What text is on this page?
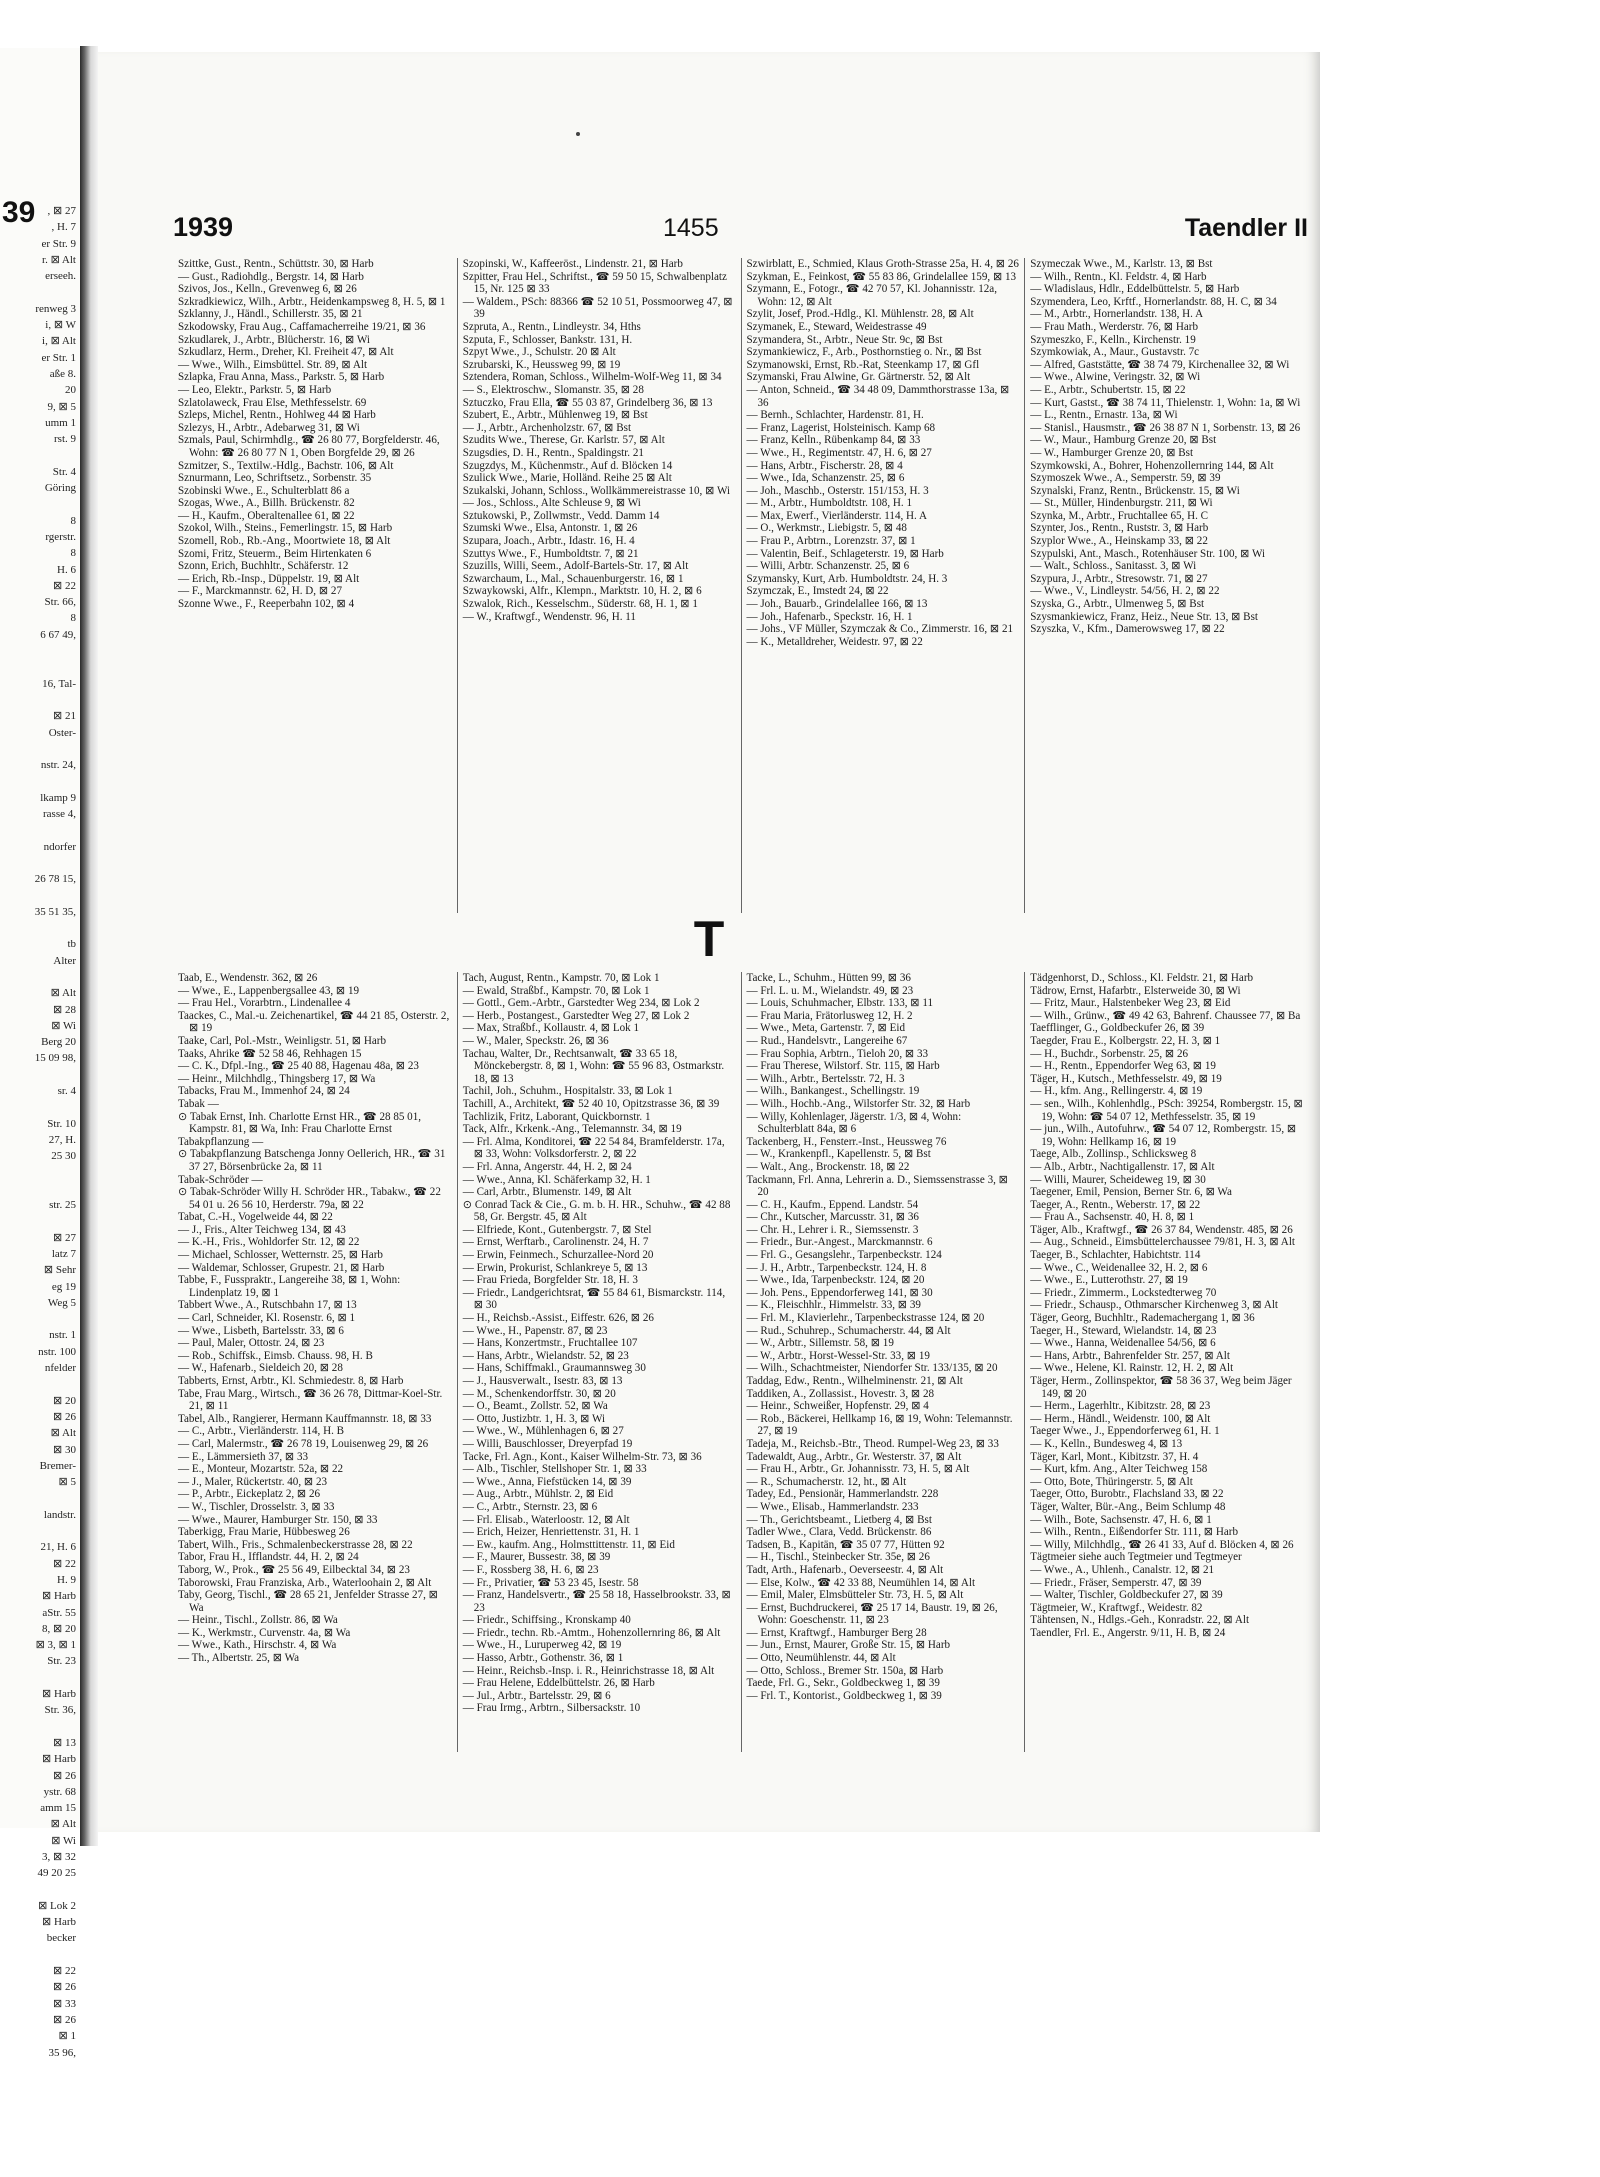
39	, ⊠ 27
, H. 7
er Str. 9
r. ⊠ Alt
erseeh.

renweg 3
i, ⊠ W
i, ⊠ Alt
er Str. 1
aße 8.
20
9, ⊠ 5
umm 1
rst. 9

Str. 4
Göring

8
rgerstr.
8
H. 6
⊠ 22
Str. 66,
8
6 67 49,

16, Tal-

⊠ 21
Oster-

nstr. 24,

lkamp 9
rasse 4,

ndorfer

26 78 15,

35 51 35,

tb
Alter

⊠ Alt
⊠ 28
⊠ Wi
Berg 20
15 09 98,

sr. 4

Str. 10
27, H.
25 30

str. 25

⊠ 27
latz 7
⊠ Sehr
eg 19
Weg 5

nstr. 1
nstr. 100
nfelder

⊠ 20
⊠ 26
⊠ Alt
⊠ 30
Bremer-
⊠ 5

landstr.

21, H. 6
⊠ 22
H. 9
⊠ Harb
aStr. 55
8, ⊠ 20
⊠ 3, ⊠ 1
Str. 23

⊠ Harb
Str. 36,

⊠ 13
⊠ Harb
⊠ 26
ystr. 68
amm 15
⊠ Alt
⊠ Wi
3, ⊠ 32
49 20 25

⊠ Lok 2
⊠ Harb
becker

⊠ 22
⊠ 26
⊠ 33
⊠ 26
⊠ 1
35 96,
1939	1455	Taendler II
Szittke, Gust., Rentn., Schüttstr. 30, ⊠ Harb
— Gust., Radiohdlg., Bergstr. 14, ⊠ Harb
Szivos, Jos., Kelln., Grevenweg 6, ⊠ 26
Szkradkiewicz, Wilh., Arbtr., Heidenkampsweg 8, H. 5, ⊠ 1
Szklanny, J., Händl., Schillerstr. 35, ⊠ 21
Szkodowsky, Frau Aug., Caffamacherreihe 19/21, ⊠ 36
Szkudlarek, J., Arbtr., Blücherstr. 16, ⊠ Wi
Szkudlarz, Herm., Dreher, Kl. Freiheit 47, ⊠ Alt
— Wwe., Wilh., Eimsbüttel. Str. 89, ⊠ Alt
Szlapka, Frau Anna, Mass., Parkstr. 5, ⊠ Harb
— Leo, Elektr., Parkstr. 5, ⊠ Harb
Szlatolaweck, Frau Else, Methfesselstr. 69
Szleps, Michel, Rentn., Hohlweg 44 ⊠ Harb
Szlezys, H., Arbtr., Adebarweg 31, ⊠ Wi
Szmals, Paul, Schirmhdlg., ☎ 26 80 77, Borgfelderstr. 46, Wohn: ☎ 26 80 77 N 1, Oben Borgfelde 29, ⊠ 26
Szmitzer, S., Textilw.-Hdlg., Bachstr. 106, ⊠ Alt
Sznurmann, Leo, Schriftsetz., Sorbenstr. 35
Szobinski Wwe., E., Schulterblatt 86 a
Szogas, Wwe., A., Billh. Brückenstr. 82
— H., Kaufm., Oberaltenallee 61, ⊠ 22
Szokol, Wilh., Steins., Femerlingstr. 15, ⊠ Harb
Szomell, Rob., Rb.-Ang., Moortwiete 18, ⊠ Alt
Szomi, Fritz, Steuerm., Beim Hirtenkaten 6
Szonn, Erich, Buchhltr., Schäferstr. 12
— Erich, Rb.-Insp., Düppelstr. 19, ⊠ Alt
— F., Marckmannstr. 62, H. D, ⊠ 27
Szonne Wwe., F., Reeperbahn 102, ⊠ 4
Szopinski, W., Kaffeeröst., Lindenstr. 21, ⊠ Harb
Szpitter, Frau Hel., Schriftst., ☎ 59 50 15, Schwalbenplatz 15, Nr. 125 ⊠ 33
— Waldem., PSch: 88366 ☎ 52 10 51, Possmoorweg 47, ⊠ 39
Szpruta, A., Rentn., Lindleystr. 34, Hths
Szputa, F., Schlosser, Bankstr. 131, H.
Szpyt Wwe., J., Schulstr. 20 ⊠ Alt
Szrubarski, K., Heussweg 99, ⊠ 19
Sztendera, Roman, Schloss., Wilhelm-Wolf-Weg 11, ⊠ 34
— S., Elektroschw., Slomanstr. 35, ⊠ 28
Sztuczko, Frau Ella, ☎ 55 03 87, Grindelberg 36, ⊠ 13
Szubert, E., Arbtr., Mühlenweg 19, ⊠ Bst
— J., Arbtr., Archenholzstr. 67, ⊠ Bst
Szudits Wwe., Therese, Gr. Karlstr. 57, ⊠ Alt
Szugsdies, D. H., Rentn., Spaldingstr. 21
Szugzdys, M., Küchenmstr., Auf d. Blöcken 14
Szulick Wwe., Marie, Holländ. Reihe 25 ⊠ Alt
Szukalski, Johann, Schloss., Wollkämmereistrasse 10, ⊠ Wi
— Jos., Schloss., Alte Schleuse 9, ⊠ Wi
Sztukowski, P., Zollwmstr., Vedd. Damm 14
Szumski Wwe., Elsa, Antonstr. 1, ⊠ 26
Szupara, Joach., Arbtr., Idastr. 16, H. 4
Szuttys Wwe., F., Humboldtstr. 7, ⊠ 21
Szuzills, Willi, Seem., Adolf-Bartels-Str. 17, ⊠ Alt
Szwarchaum, L., Mal., Schauenburgerstr. 16, ⊠ 1
Szwaykowski, Alfr., Klempn., Marktstr. 10, H. 2, ⊠ 6
Szwalok, Rich., Kesselschm., Süderstr. 68, H. 1, ⊠ 1
— W., Kraftwgf., Wendenstr. 96, H. 11
Szwirblatt, E., Schmied, Klaus Groth-Strasse 25a, H. 4, ⊠ 26
Szykman, E., Feinkost, ☎ 55 83 86, Grindelallee 159, ⊠ 13
Szymann, E., Fotogr., ☎ 42 70 57, Kl. Johannisstr. 12a, Wohn: 12, ⊠ Alt
Szylit, Josef, Prod.-Hdlg., Kl. Mühlenstr. 28, ⊠ Alt
Szymanek, E., Steward, Weidestrasse 49
Szymandera, St., Arbtr., Neue Str. 9c, ⊠ Bst
Szymankiewicz, F., Arb., Posthornstieg o. Nr., ⊠ Bst
Szymanowski, Ernst, Rb.-Rat, Steenkamp 17, ⊠ Gfl
Szymanski, Frau Alwine, Gr. Gärtnerstr. 52, ⊠ Alt
— Anton, Schneid., ☎ 34 48 09, Dammthorstrasse 13a, ⊠ 36
— Bernh., Schlachter, Hardenstr. 81, H.
— Franz, Lagerist, Holsteinisch. Kamp 68
— Franz, Kelln., Rübenkamp 84, ⊠ 33
— Wwe., H., Regimentstr. 47, H. 6, ⊠ 27
— Hans, Arbtr., Fischerstr. 28, ⊠ 4
— Wwe., Ida, Schanzenstr. 25, ⊠ 6
— Joh., Maschb., Osterstr. 151/153, H. 3
— M., Arbtr., Humboldtstr. 108, H. 1
— Max, Ewerf., Vierländerstr. 114, H. A
— O., Werkmstr., Liebigstr. 5, ⊠ 48
— Frau P., Arbtrn., Lorenzstr. 37, ⊠ 1
— Valentin, Beif., Schlageterstr. 19, ⊠ Harb
— Willi, Arbtr. Schanzenstr. 25, ⊠ 6
Szymansky, Kurt, Arb. Humboldtstr. 24, H. 3
Szymczak, E., Imstedt 24, ⊠ 22
— Joh., Bauarb., Grindelallee 166, ⊠ 13
— Joh., Hafenarb., Speckstr. 16, H. 1
— Johs., VF Müller, Szymczak & Co., Zimmerstr. 16, ⊠ 21
— K., Metalldreher, Weidestr. 97, ⊠ 22
Szymeczak Wwe., M., Karlstr. 13, ⊠ Bst
— Wilh., Rentn., Kl. Feldstr. 4, ⊠ Harb
— Wladislaus, Hdlr., Eddelbüttelstr. 5, ⊠ Harb
Szymendera, Leo, Krftf., Hornerlandstr. 88, H. C, ⊠ 34
— M., Arbtr., Hornerlandstr. 138, H. A
— Frau Math., Werderstr. 76, ⊠ Harb
Szymeszko, F., Kelln., Kirchenstr. 19
Szymkowiak, A., Maur., Gustavstr. 7c
— Alfred, Gaststätte, ☎ 38 74 79, Kirchenallee 32, ⊠ Wi
— Wwe., Alwine, Veringstr. 32, ⊠ Wi
— E., Arbtr., Schubertstr. 15, ⊠ 22
— Kurt, Gastst., ☎ 38 74 11, Thielenstr. 1, Wohn: 1a, ⊠ Wi
— L., Rentn., Ernastr. 13a, ⊠ Wi
— Stanisl., Hausmstr., ☎ 26 38 87 N 1, Sorbenstr. 13, ⊠ 26
— W., Maur., Hamburg Grenze 20, ⊠ Bst
— W., Hamburger Grenze 20, ⊠ Bst
Szymkowski, A., Bohrer, Hohenzollernring 144, ⊠ Alt
Szymoszek Wwe., A., Semperstr. 59, ⊠ 39
Szynalski, Franz, Rentn., Brückenstr. 15, ⊠ Wi
— St., Müller, Hindenburgstr. 211, ⊠ Wi
Szynka, M., Arbtr., Fruchtallee 65, H. C
Szynter, Jos., Rentn., Ruststr. 3, ⊠ Harb
Szyplor Wwe., A., Heinskamp 33, ⊠ 22
Szypulski, Ant., Masch., Rotenhäuser Str. 100, ⊠ Wi
— Walt., Schloss., Sanitasst. 3, ⊠ Wi
Szypura, J., Arbtr., Stresowstr. 71, ⊠ 27
— Wwe., V., Lindleystr. 54/56, H. 2, ⊠ 22
Szyska, G., Arbtr., Ulmenweg 5, ⊠ Bst
Szysmankiewicz, Franz, Heiz., Neue Str. 13, ⊠ Bst
Szyszka, V., Kfm., Damerowsweg 17, ⊠ 22
T
Taab, E., Wendenstr. 362, ⊠ 26
— Wwe., E., Lappenbergsallee 43, ⊠ 19
— Frau Hel., Vorarbtrn., Lindenallee 4
Taackes, C., Mal.-u. Zeichenartikel, ☎ 44 21 85, Osterstr. 2, ⊠ 19
Taake, Carl, Pol.-Mstr., Weinligstr. 51, ⊠ Harb
Taaks, Ahrike ☎ 52 58 46, Rehhagen 15
— C. K., Dfpl.-Ing., ☎ 25 40 88, Hagenau 48a, ⊠ 23
— Heinr., Milchhdlg., Thingsberg 17, ⊠ Wa
Tabacks, Frau M., Immenhof 24, ⊠ 24
Tabak —
⊙ Tabak Ernst, Inh. Charlotte Ernst HR., ☎ 28 85 01, Kampstr. 81, ⊠ Wa, Inh: Frau Charlotte Ernst
Tabakpflanzung —
⊙ Tabakpflanzung Batschenga Jonny Oellerich, HR., ☎ 31 37 27, Börsenbrücke 2a, ⊠ 11
Tabak-Schröder —
⊙ Tabak-Schröder Willy H. Schröder HR., Tabakw., ☎ 22 54 01 u. 26 56 10, Herderstr. 79a, ⊠ 22
Tabat, C.-H., Vogelweide 44, ⊠ 22
— J., Fris., Alter Teichweg 134, ⊠ 43
— K.-H., Fris., Wohldorfer Str. 12, ⊠ 22
— Michael, Schlosser, Wetternstr. 25, ⊠ Harb
— Waldemar, Schlosser, Grupestr. 21, ⊠ Harb
Tabbe, F., Fusspraktr., Langereihe 38, ⊠ 1, Wohn: Lindenplatz 19, ⊠ 1
Tabbert Wwe., A., Rutschbahn 17, ⊠ 13
— Carl, Schneider, Kl. Rosenstr. 6, ⊠ 1
— Wwe., Lisbeth, Bartelsstr. 33, ⊠ 6
— Paul, Maler, Ottostr. 24, ⊠ 23
— Rob., Schiffsk., Eimsb. Chauss. 98, H. B
— W., Hafenarb., Sieldeich 20, ⊠ 28
Tabberts, Ernst, Arbtr., Kl. Schmiedestr. 8, ⊠ Harb
Tabe, Frau Marg., Wirtsch., ☎ 36 26 78, Dittmar-Koel-Str. 21, ⊠ 11
Tabel, Alb., Rangierer, Hermann Kauffmannstr. 18, ⊠ 33
— C., Arbtr., Vierländerstr. 114, H. B
— Carl, Malermstr., ☎ 26 78 19, Louisenweg 29, ⊠ 26
— E., Lämmersieth 37, ⊠ 33
— E., Monteur, Mozartstr. 52a, ⊠ 22
— J., Maler, Rückertstr. 40, ⊠ 23
— P., Arbtr., Eickeplatz 2, ⊠ 26
— W., Tischler, Drosselstr. 3, ⊠ 33
— Wwe., Maurer, Hamburger Str. 150, ⊠ 33
Taberkigg, Frau Marie, Hübbesweg 26
Tabert, Wilh., Fris., Schmalenbeckerstrasse 28, ⊠ 22
Tabor, Frau H., Ifflandstr. 44, H. 2, ⊠ 24
Taborg, W., Prok., ☎ 25 56 49, Eilbecktal 34, ⊠ 23
Taborowski, Frau Franziska, Arb., Waterloohain 2, ⊠ Alt
Taby, Georg, Tischl., ☎ 28 65 21, Jenfelder Strasse 27, ⊠ Wa
— Heinr., Tischl., Zollstr. 86, ⊠ Wa
— K., Werkmstr., Curvenstr. 4a, ⊠ Wa
— Wwe., Kath., Hirschstr. 4, ⊠ Wa
— Th., Albertstr. 25, ⊠ Wa
Tach, August, Rentn., Kampstr. 70, ⊠ Lok 1
— Ewald, Straßbf., Kampstr. 70, ⊠ Lok 1
— Gottl., Gem.-Arbtr., Garstedter Weg 234, ⊠ Lok 2
— Herb., Postangest., Garstedter Weg 27, ⊠ Lok 2
— Max, Straßbf., Kollaustr. 4, ⊠ Lok 1
— W., Maler, Speckstr. 26, ⊠ 36
Tachau, Walter, Dr., Rechtsanwalt, ☎ 33 65 18, Mönckebergstr. 8, ⊠ 1, Wohn: ☎ 55 96 83, Ostmarkstr. 18, ⊠ 13
Tachil, Joh., Schuhm., Hospitalstr. 33, ⊠ Lok 1
Tachill, A., Architekt, ☎ 52 40 10, Opitzstrasse 36, ⊠ 39
Tachlizik, Fritz, Laborant, Quickbornstr. 1
Tack, Alfr., Krkenk.-Ang., Telemannstr. 34, ⊠ 19
— Frl. Alma, Konditorei, ☎ 22 54 84, Bramfelderstr. 17a, ⊠ 33, Wohn: Volksdorferstr. 2, ⊠ 22
— Frl. Anna, Angerstr. 44, H. 2, ⊠ 24
— Wwe., Anna, Kl. Schäferkamp 32, H. 1
— Carl, Arbtr., Blumenstr. 149, ⊠ Alt
⊙ Conrad Tack & Cie., G. m. b. H. HR., Schuhw., ☎ 42 88 58, Gr. Bergstr. 45, ⊠ Alt
— Elfriede, Kont., Gutenbergstr. 7, ⊠ Stel
— Ernst, Werftarb., Carolinenstr. 24, H. 7
— Erwin, Feinmech., Schurzallee-Nord 20
— Erwin, Prokurist, Schlankreye 5, ⊠ 13
— Frau Frieda, Borgfelder Str. 18, H. 3
— Friedr., Landgerichtsrat, ☎ 55 84 61, Bismarckstr. 114, ⊠ 30
— H., Reichsb.-Assist., Eiffestr. 626, ⊠ 26
— Wwe., H., Papenstr. 87, ⊠ 23
— Hans, Konzertmstr., Fruchtallee 107
— Hans, Arbtr., Wielandstr. 52, ⊠ 23
— Hans, Schiffmakl., Graumannsweg 30
— J., Hausverwalt., Isestr. 83, ⊠ 13
— M., Schenkendorffstr. 30, ⊠ 20
— O., Beamt., Zollstr. 52, ⊠ Wa
— Otto, Justizbtr. 1, H. 3, ⊠ Wi
— Wwe., W., Mühlenhagen 6, ⊠ 27
— Willi, Bauschlosser, Dreyerpfad 19
Tacke, Frl. Agn., Kont., Kaiser Wilhelm-Str. 73, ⊠ 36
— Alb., Tischler, Stellshoper Str. 1, ⊠ 33
— Wwe., Anna, Fiefstücken 14, ⊠ 39
— Aug., Arbtr., Mühlstr. 2, ⊠ Eid
— C., Arbtr., Sternstr. 23, ⊠ 6
— Frl. Elisab., Waterloostr. 12, ⊠ Alt
— Erich, Heizer, Henriettenstr. 31, H. 1
— Ew., kaufm. Ang., Holmsttittenstr. 11, ⊠ Eid
— F., Maurer, Bussestr. 38, ⊠ 39
— F., Rossberg 38, H. 6, ⊠ 23
— Fr., Privatier, ☎ 53 23 45, Isestr. 58
— Franz, Handelsvertr., ☎ 25 58 18, Hasselbrookstr. 33, ⊠ 23
— Friedr., Schiffsing., Kronskamp 40
— Friedr., techn. Rb.-Amtm., Hohenzollernring 86, ⊠ Alt
— Wwe., H., Luruperweg 42, ⊠ 19
— Hasso, Arbtr., Gothenstr. 36, ⊠ 1
— Heinr., Reichsb.-Insp. i. R., Heinrichstrasse 18, ⊠ Alt
— Frau Helene, Eddelbüttelstr. 26, ⊠ Harb
— Jul., Arbtr., Bartelsstr. 29, ⊠ 6
— Frau Irmg., Arbtrn., Silbersackstr. 10
Tacke, L., Schuhm., Hütten 99, ⊠ 36
— Frl. L. u. M., Wielandstr. 49, ⊠ 23
— Louis, Schuhmacher, Elbstr. 133, ⊠ 11
— Frau Maria, Frätorlusweg 12, H. 2
— Wwe., Meta, Gartenstr. 7, ⊠ Eid
— Rud., Handelsvtr., Langereihe 67
— Frau Sophia, Arbtrn., Tieloh 20, ⊠ 33
— Frau Therese, Wilstorf. Str. 115, ⊠ Harb
— Wilh., Arbtr., Bertelsstr. 72, H. 3
— Wilh., Bankangest., Schellingstr. 19
— Wilh., Hochb.-Ang., Wilstorfer Str. 32, ⊠ Harb
— Willy, Kohlenlager, Jägerstr. 1/3, ⊠ 4, Wohn: Schulterblatt 84a, ⊠ 6
Tackenberg, H., Fensterr.-Inst., Heussweg 76
— W., Krankenpfl., Kapellenstr. 5, ⊠ Bst
— Walt., Ang., Brockenstr. 18, ⊠ 22
Tackmann, Frl. Anna, Lehrerin a. D., Siemssenstrasse 3, ⊠ 20
— C. H., Kaufm., Eppend. Landstr. 54
— Chr., Kutscher, Marcusstr. 31, ⊠ 36
— Chr. H., Lehrer i. R., Siemssenstr. 3
— Friedr., Bur.-Angest., Marckmannstr. 6
— Frl. G., Gesangslehr., Tarpenbeckstr. 124
— J. H., Arbtr., Tarpenbeckstr. 124, H. 8
— Wwe., Ida, Tarpenbeckstr. 124, ⊠ 20
— Joh. Pens., Eppendorferweg 141, ⊠ 30
— K., Fleischhlr., Himmelstr. 33, ⊠ 39
— Frl. M., Klavierlehr., Tarpenbeckstrasse 124, ⊠ 20
— Rud., Schuhrep., Schumacherstr. 44, ⊠ Alt
— W., Arbtr., Sillemstr. 58, ⊠ 19
— W., Arbtr., Horst-Wessel-Str. 33, ⊠ 19
— Wilh., Schachtmeister, Niendorfer Str. 133/135, ⊠ 20
Taddag, Edw., Rentn., Wilhelminenstr. 21, ⊠ Alt
Taddiken, A., Zollassist., Hovestr. 3, ⊠ 28
— Heinr., Schweißer, Hopfenstr. 29, ⊠ 4
— Rob., Bäckerei, Hellkamp 16, ⊠ 19, Wohn: Telemannstr. 27, ⊠ 19
Tadeja, M., Reichsb.-Btr., Theod. Rumpel-Weg 23, ⊠ 33
Tadewaldt, Aug., Arbtr., Gr. Westerstr. 37, ⊠ Alt
— Frau H., Arbtr., Gr. Johannisstr. 73, H. 5, ⊠ Alt
— R., Schumacherstr. 12, ht., ⊠ Alt
Tadey, Ed., Pensionär, Hammerlandstr. 228
— Wwe., Elisab., Hammerlandstr. 233
— Th., Gerichtsbeamt., Lietberg 4, ⊠ Bst
Tadler Wwe., Clara, Vedd. Brückenstr. 86
Tadsen, B., Kapitän, ☎ 35 07 77, Hütten 92
— H., Tischl., Steinbecker Str. 35e, ⊠ 26
Tadt, Arth., Hafenarb., Oeverseestr. 4, ⊠ Alt
— Else, Kolw., ☎ 42 33 88, Neumühlen 14, ⊠ Alt
— Emil, Maler, Elmsbütteler Str. 73, H. 5, ⊠ Alt
— Ernst, Buchdruckerei, ☎ 25 17 14, Baustr. 19, ⊠ 26, Wohn: Goeschenstr. 11, ⊠ 23
— Ernst, Kraftwgf., Hamburger Berg 28
— Jun., Ernst, Maurer, Große Str. 15, ⊠ Harb
— Otto, Neumühlenstr. 44, ⊠ Alt
— Otto, Schloss., Bremer Str. 150a, ⊠ Harb
Taede, Frl. G., Sekr., Goldbeckweg 1, ⊠ 39
— Frl. T., Kontorist., Goldbeckweg 1, ⊠ 39
Tädgenhorst, D., Schloss., Kl. Feldstr. 21, ⊠ Harb
Tädrow, Ernst, Hafarbtr., Elsterweide 30, ⊠ Wi
— Fritz, Maur., Halstenbeker Weg 23, ⊠ Eid
— Wilh., Grünw., ☎ 49 42 63, Bahrenf. Chaussee 77, ⊠ Ba
Taefflinger, G., Goldbeckufer 26, ⊠ 39
Taegder, Frau E., Kolbergstr. 22, H. 3, ⊠ 1
— H., Buchdr., Sorbenstr. 25, ⊠ 26
— H., Rentn., Eppendorfer Weg 63, ⊠ 19
Täger, H., Kutsch., Methfesselstr. 49, ⊠ 19
— H., kfm. Ang., Rellingerstr. 4, ⊠ 19
— sen., Wilh., Kohlenhdlg., PSch: 39254, Rombergstr. 15, ⊠ 19, Wohn: ☎ 54 07 12, Methfesselstr. 35, ⊠ 19
— jun., Wilh., Autofuhrw., ☎ 54 07 12, Rombergstr. 15, ⊠ 19, Wohn: Hellkamp 16, ⊠ 19
Taege, Alb., Zollinsp., Schlicksweg 8
— Alb., Arbtr., Nachtigallenstr. 17, ⊠ Alt
— Willi, Maurer, Scheideweg 19, ⊠ 30
Taegener, Emil, Pension, Berner Str. 6, ⊠ Wa
Taeger, A., Rentn., Weberstr. 17, ⊠ 22
— Frau A., Sachsenstr. 40, H. 8, ⊠ 1
Täger, Alb., Kraftwgf., ☎ 26 37 84, Wendenstr. 485, ⊠ 26
— Aug., Schneid., Eimsbüttelerchaussee 79/81, H. 3, ⊠ Alt
Taeger, B., Schlachter, Habichtstr. 114
— Wwe., C., Weidenallee 32, H. 2, ⊠ 6
— Wwe., E., Lutterothstr. 27, ⊠ 19
— Friedr., Zimmerm., Lockstedterweg 70
— Friedr., Schausp., Othmarscher Kirchenweg 3, ⊠ Alt
Täger, Georg, Buchhltr., Rademachergang 1, ⊠ 36
Taeger, H., Steward, Wielandstr. 14, ⊠ 23
— Wwe., Hanna, Weidenallee 54/56, ⊠ 6
— Hans, Arbtr., Bahrenfelder Str. 257, ⊠ Alt
— Wwe., Helene, Kl. Rainstr. 12, H. 2, ⊠ Alt
Täger, Herm., Zollinspektor, ☎ 58 36 37, Weg beim Jäger 149, ⊠ 20
— Herm., Lagerhltr., Kibitzstr. 28, ⊠ 23
— Herm., Händl., Weidenstr. 100, ⊠ Alt
Taeger Wwe., J., Eppendorferweg 61, H. 1
— K., Kelln., Bundesweg 4, ⊠ 13
Täger, Karl, Mont., Kibitzstr. 37, H. 4
— Kurt, kfm. Ang., Alter Teichweg 158
— Otto, Bote, Thüringerstr. 5, ⊠ Alt
Taeger, Otto, Burobtr., Flachsland 33, ⊠ 22
Täger, Walter, Bür.-Ang., Beim Schlump 48
— Wilh., Bote, Sachsenstr. 47, H. 6, ⊠ 1
— Wilh., Rentn., Eißendorfer Str. 111, ⊠ Harb
— Willy, Milchhdlg., ☎ 26 41 33, Auf d. Blöcken 4, ⊠ 26
Tägtmeier siehe auch Tegtmeier und Tegtmeyer
— Wwe., A., Uhlenh., Canalstr. 12, ⊠ 21
— Friedr., Fräser, Semperstr. 47, ⊠ 39
— Walter, Tischler, Goldbeckufer 27, ⊠ 39
Tägtmeier, W., Kraftwgf., Weidestr. 82
Tähtensen, N., Hdlgs.-Geh., Konradstr. 22, ⊠ Alt
Taendler, Frl. E., Angerstr. 9/11, H. B, ⊠ 24
